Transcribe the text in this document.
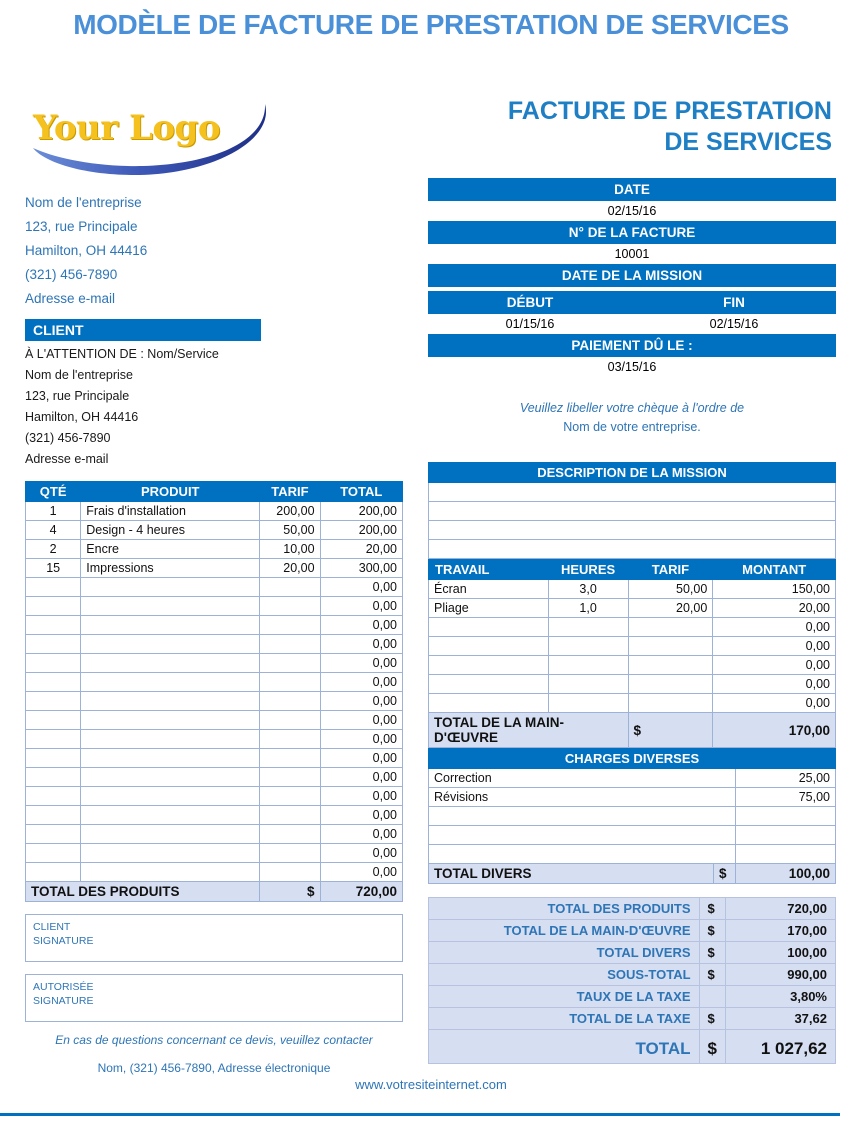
MODÈLE DE FACTURE DE PRESTATION DE SERVICES
Your Logo
Nom de l'entreprise
123, rue Principale
Hamilton, OH 44416
(321) 456-7890
Adresse e-mail
CLIENT
À L'ATTENTION DE : Nom/Service
Nom de l'entreprise
123, rue Principale
Hamilton, OH 44416
(321) 456-7890
Adresse e-mail
QTÉ	PRODUIT	TARIF	TOTAL
1	Frais d'installation	200,00	200,00
4	Design - 4 heures	50,00	200,00
2	Encre	10,00	20,00
15	Impressions	20,00	300,00
			0,00
			0,00
			0,00
			0,00
			0,00
			0,00
			0,00
			0,00
			0,00
			0,00
			0,00
			0,00
			0,00
			0,00
			0,00
			0,00
TOTAL DES PRODUITS		$	720,00
CLIENT
SIGNATURE
AUTORISÉE
SIGNATURE
En cas de questions concernant ce devis, veuillez contacter
Nom, (321) 456-7890, Adresse électronique
FACTURE DE PRESTATION
DE SERVICES
DATE	
02/15/16	
N° DE LA FACTURE	
10001	
DATE DE LA MISSION	

DÉBUT	FIN
01/15/16	02/15/16
PAIEMENT DÛ LE :	
03/15/16	
Veuillez libeller votre chèque à l'ordre de
Nom de votre entreprise.
DESCRIPTION DE LA MISSION

TRAVAIL	HEURES	TARIF	MONTANT
Écran	3,0	50,00	150,00
Pliage	1,0	20,00	20,00
			0,00
			0,00
			0,00
			0,00
			0,00
TOTAL DE LA MAIN-D'ŒUVRE		$	170,00
CHARGES DIVERSES		
Correction		25,00
Révisions		75,00

TOTAL DIVERS	$	100,00
TOTAL DES PRODUITS	$	720,00
TOTAL DE LA MAIN-D'ŒUVRE	$	170,00
TOTAL DIVERS	$	100,00
SOUS-TOTAL	$	990,00
TAUX DE LA TAXE		3,80%
TOTAL DE LA TAXE	$	37,62
TOTAL	$	1 027,62
www.votresiteinternet.com
